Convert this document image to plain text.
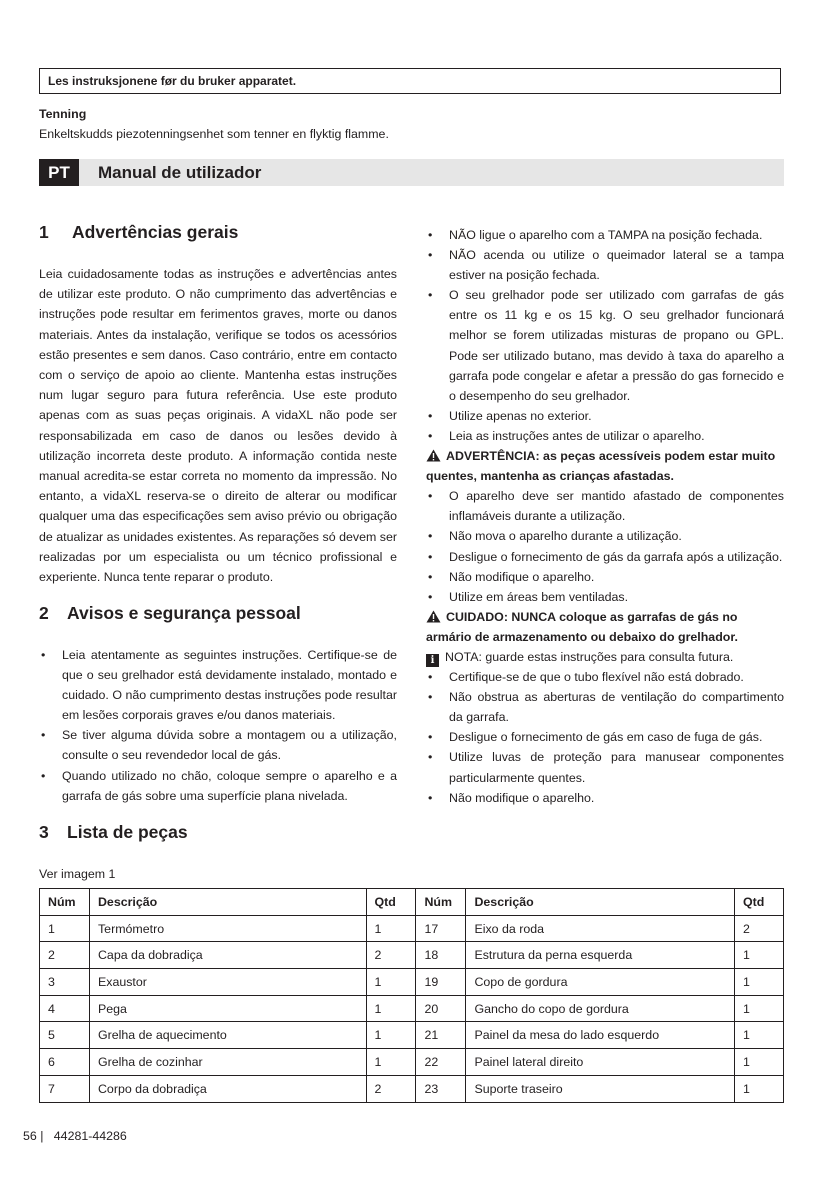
Les instruksjonene før du bruker apparatet.
Tenning
Enkeltskudds piezotenningsenhet som tenner en flyktig flamme.
PT	Manual de utilizador
1 Advertências gerais
Leia cuidadosamente todas as instruções e advertências antes de utilizar este produto. O não cumprimento das advertências e instruções pode resultar em ferimentos graves, morte ou danos materiais. Antes da instalação, verifique se todos os acessórios estão presentes e sem danos. Caso contrário, entre em contacto com o serviço de apoio ao cliente. Mantenha estas instruções num lugar seguro para futura referência. Use este produto apenas com as suas peças originais. A vidaXL não pode ser responsabilizada em caso de danos ou lesões devido à utilização incorreta deste produto. A informação contida neste manual acredita-se estar correta no momento da impressão. No entanto, a vidaXL reserva-se o direito de alterar ou modificar qualquer uma das especificações sem aviso prévio ou obrigação de atualizar as unidades existentes. As reparações só devem ser realizadas por um especialista ou um técnico profissional e experiente. Nunca tente reparar o produto.
2 Avisos e segurança pessoal
• Leia atentamente as seguintes instruções. Certifique-se de que o seu grelhador está devidamente instalado, montado e cuidado. O não cumprimento destas instruções pode resultar em lesões corporais graves e/ou danos materiais.
• Se tiver alguma dúvida sobre a montagem ou a utilização, consulte o seu revendedor local de gás.
• Quando utilizado no chão, coloque sempre o aparelho e a garrafa de gás sobre uma superfície plana nivelada.
• NÃO ligue o aparelho com a TAMPA na posição fechada.
• NÃO acenda ou utilize o queimador lateral se a tampa estiver na posição fechada.
• O seu grelhador pode ser utilizado com garrafas de gás entre os 11 kg e os 15 kg. O seu grelhador funcionará melhor se forem utilizadas misturas de propano ou GPL. Pode ser utilizado butano, mas devido à taxa do aparelho a garrafa pode congelar e afetar a pressão do gas fornecido e o desempenho do seu grelhador.
• Utilize apenas no exterior.
• Leia as instruções antes de utilizar o aparelho.
ADVERTÊNCIA: as peças acessíveis podem estar muito quentes, mantenha as crianças afastadas.
• O aparelho deve ser mantido afastado de componentes inflamáveis durante a utilização.
• Não mova o aparelho durante a utilização.
• Desligue o fornecimento de gás da garrafa após a utilização.
• Não modifique o aparelho.
• Utilize em áreas bem ventiladas.
CUIDADO: NUNCA coloque as garrafas de gás no armário de armazenamento ou debaixo do grelhador.
i NOTA: guarde estas instruções para consulta futura.
• Certifique-se de que o tubo flexível não está dobrado.
• Não obstrua as aberturas de ventilação do compartimento da garrafa.
• Desligue o fornecimento de gás em caso de fuga de gás.
• Utilize luvas de proteção para manusear componentes particularmente quentes.
• Não modifique o aparelho.
3 Lista de peças
Ver imagem 1
Núm	Descrição	Qtd	Núm	Descrição	Qtd
1	Termómetro	1	17	Eixo da roda	2
2	Capa da dobradiça	2	18	Estrutura da perna esquerda	1
3	Exaustor	1	19	Copo de gordura	1
4	Pega	1	20	Gancho do copo de gordura	1
5	Grelha de aquecimento	1	21	Painel da mesa do lado esquerdo	1
6	Grelha de cozinhar	1	22	Painel lateral direito	1
7	Corpo da dobradiça	2	23	Suporte traseiro	1
56 | 44281-44286
